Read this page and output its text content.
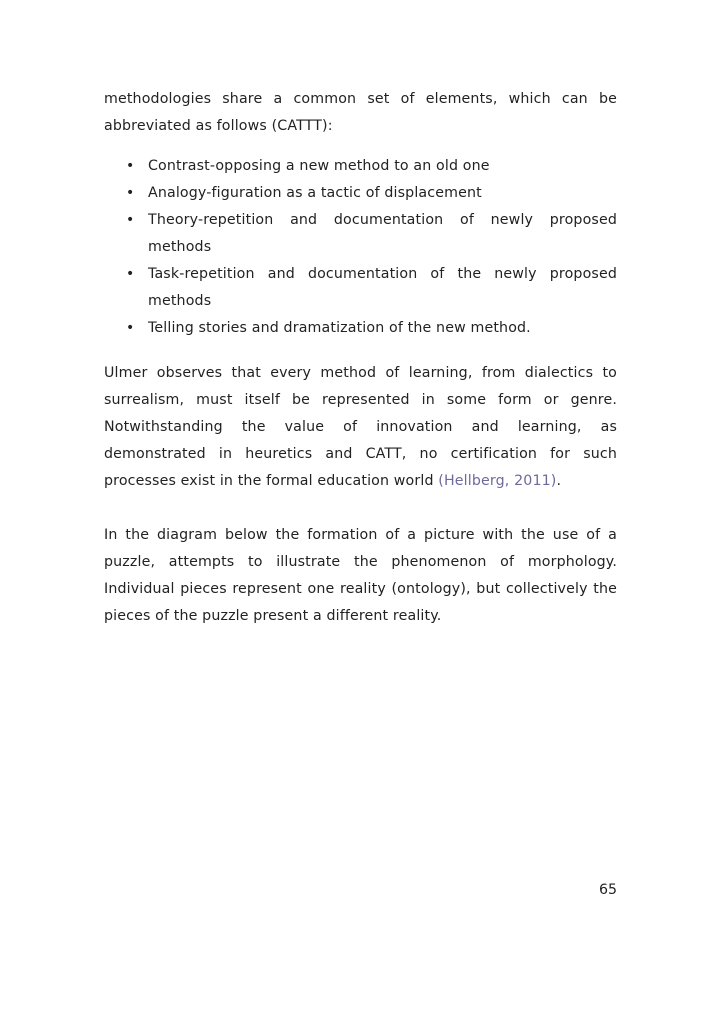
methodologies share a common set of elements, which can be abbreviated as follows (CATTT):

• Contrast-opposing a new method to an old one
• Analogy-figuration as a tactic of displacement
• Theory-repetition and documentation of newly proposed methods
• Task-repetition and documentation of the newly proposed methods
• Telling stories and dramatization of the new method.

Ulmer observes that every method of learning, from dialectics to surrealism, must itself be represented in some form or genre. Notwithstanding the value of innovation and learning, as demonstrated in heuretics and CATT, no certification for such processes exist in the formal education world (Hellberg, 2011).

In the diagram below the formation of a picture with the use of a puzzle, attempts to illustrate the phenomenon of morphology. Individual pieces represent one reality (ontology), but collectively the pieces of the puzzle present a different reality.

65
